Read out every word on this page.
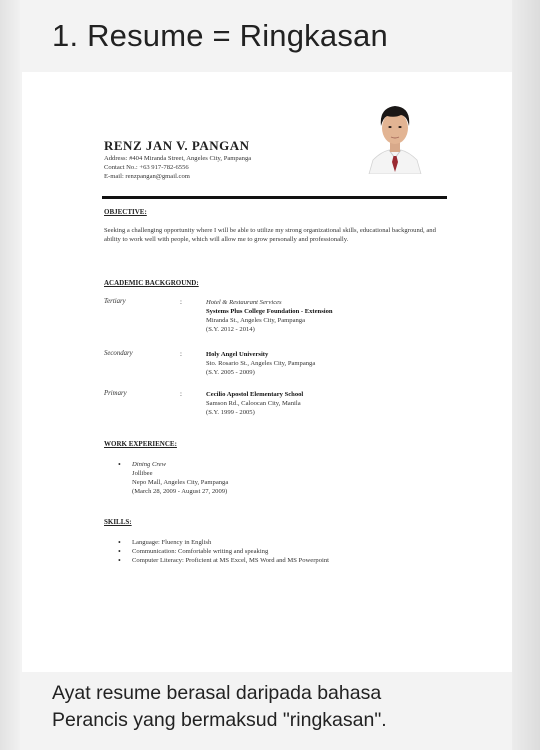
1. Resume = Ringkasan
RENZ JAN V. PANGAN
Address: #404 Miranda Street, Angeles City, Pampanga
Contact No.: +63 917-782-6556
E-mail: renzpangan@gmail.com
OBJECTIVE:
Seeking a challenging opportunity where I will be able to utilize my strong organizational skills, educational background, and ability to work well with people, which will allow me to grow personally and professionally.
ACADEMIC BACKGROUND:
Tertiary	:	Hotel & Restaurant Services
Systems Plus College Foundation - Extension
Miranda St., Angeles City, Pampanga
(S.Y. 2012 - 2014)
Secondary	:	Holy Angel University
Sto. Rosario St., Angeles City, Pampanga
(S.Y. 2005 - 2009)
Primary	:	Cecilio Apostol Elementary School
Samson Rd., Caloocan City, Manila
(S.Y. 1999 - 2005)
WORK EXPERIENCE:
• Dining Crew
Jollibee
Nepo Mall, Angeles City, Pampanga
(March 28, 2009 - August 27, 2009)
SKILLS:
• Language: Fluency in English
• Communication: Comfortable writing and speaking
• Computer Literacy: Proficient at MS Excel, MS Word and MS Powerpoint
Ayat resume berasal daripada bahasa
Perancis yang bermaksud "ringkasan".
